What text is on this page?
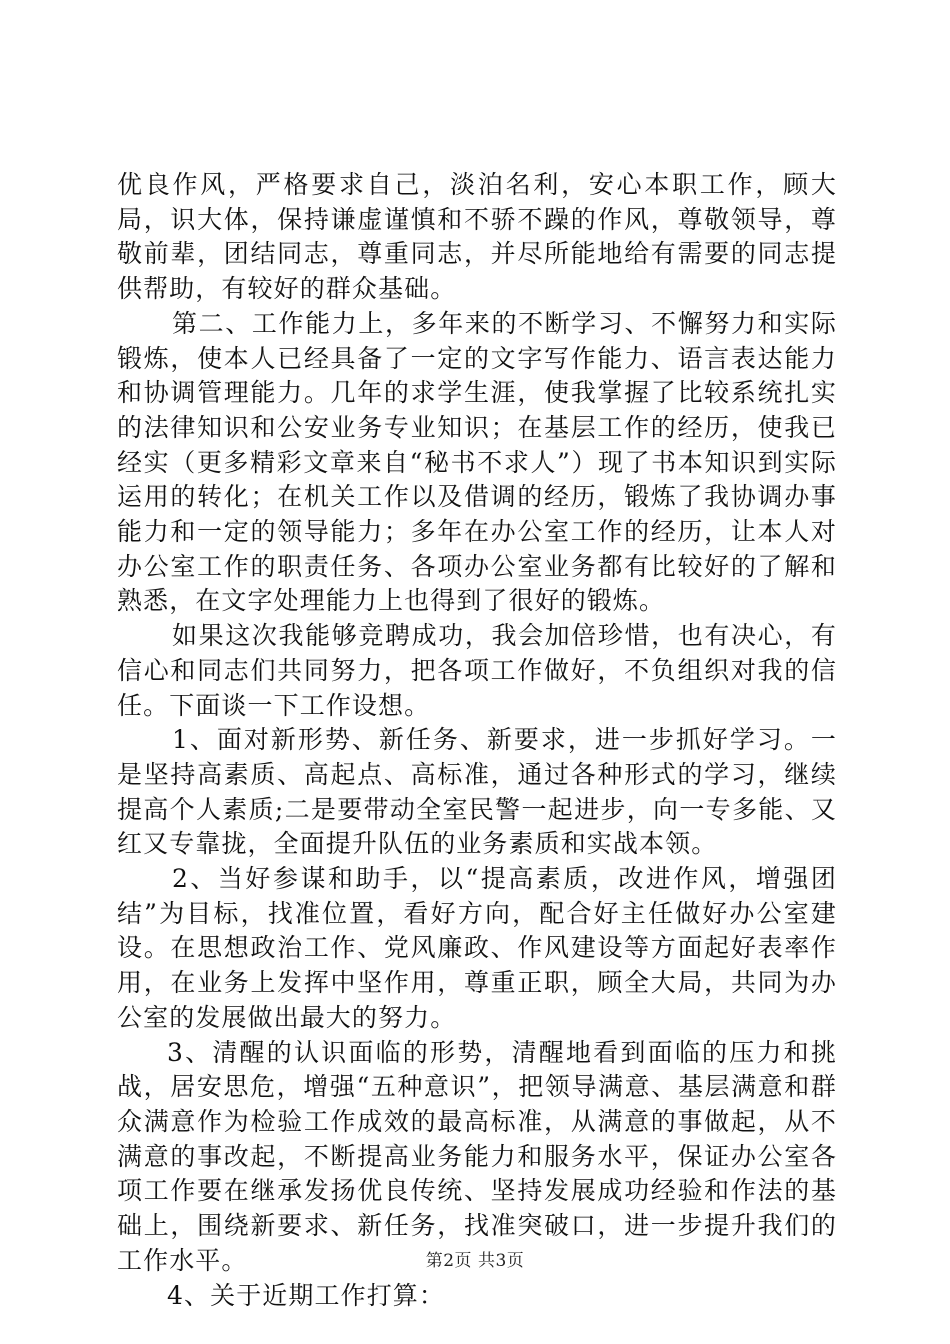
优良作风，严格要求自己，淡泊名利，安心本职工作，顾大局，识大体，保持谦虚谨慎和不骄不躁的作风，尊敬领导，尊敬前辈，团结同志，尊重同志，并尽所能地给有需要的同志提供帮助，有较好的群众基础。

第二、工作能力上，多年来的不断学习、不懈努力和实际锻炼，使本人已经具备了一定的文字写作能力、语言表达能力和协调管理能力。几年的求学生涯，使我掌握了比较系统扎实的法律知识和公安业务专业知识；在基层工作的经历，使我已经实（更多精彩文章来自“秘书不求人”）现了书本知识到实际运用的转化；在机关工作以及借调的经历，锻炼了我协调办事能力和一定的领导能力；多年在办公室工作的经历，让本人对办公室工作的职责任务、各项办公室业务都有比较好的了解和熟悉，在文字处理能力上也得到了很好的锻炼。

如果这次我能够竞聘成功，我会加倍珍惜，也有决心，有信心和同志们共同努力，把各项工作做好，不负组织对我的信任。下面谈一下工作设想。

1、面对新形势、新任务、新要求，进一步抓好学习。一是坚持高素质、高起点、高标准，通过各种形式的学习，继续提高个人素质;二是要带动全室民警一起进步，向一专多能、又红又专靠拢，全面提升队伍的业务素质和实战本领。

2、当好参谋和助手，以“提高素质，改进作风，增强团结”为目标，找准位置，看好方向，配合好主任做好办公室建设。在思想政治工作、党风廉政、作风建设等方面起好表率作用，在业务上发挥中坚作用，尊重正职，顾全大局，共同为办公室的发展做出最大的努力。

3、清醒的认识面临的形势，清醒地看到面临的压力和挑战，居安思危，增强“五种意识”，把领导满意、基层满意和群众满意作为检验工作成效的最高标准，从满意的事做起，从不满意的事改起，不断提高业务能力和服务水平，保证办公室各项工作要在继承发扬优良传统、坚持发展成功经验和作法的基础上，围绕新要求、新任务，找准突破口，进一步提升我们的工作水平。

4、关于近期工作打算：

第2页 共3页
